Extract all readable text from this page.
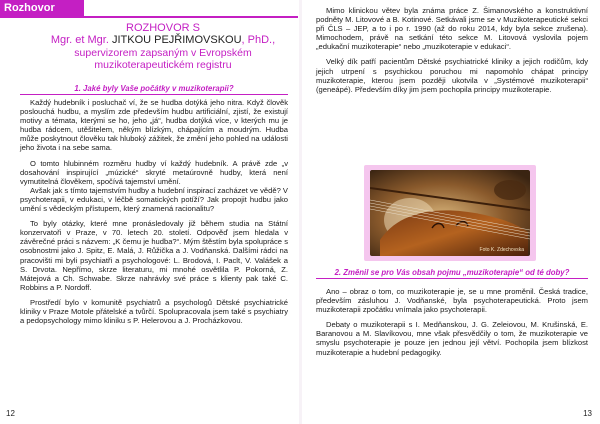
Rozhovor
ROZHOVOR S
Mgr. et Mgr. JITKOU PEJŘIMOVSKOU, PhD.,
supervizorem zapsaným v Evropském
muzikoterapeutickém registru
1. Jaké byly Vaše počátky v muzikoterapii?

Každý hudebník i posluchač ví, že se hudba dotýká jeho nitra. Když člověk poslouchá hudbu, a myslím zde především hudbu artificiální, zjistí, že existují motivy a témata, kterými se ho, jeho „já“, hudba dotýká více, v kterých mu je hudba rádcem, utěšitelem, někým blízkým, chápajícím a moudrým. Hudba může poskytnout člověku tak hluboký zážitek, že změní jeho pohled na události jeho života i na sebe sama.

O tomto hlubinném rozměru hudby ví každý hudebník. A právě zde „v dosahování inspirující „múzické“ skryté metaúrovně hudby, která není vymutitelná člověkem, spočívá tajemství umění.

Avšak jak s tímto tajemstvím hudby a hudební inspirací zacházet ve vědě? V psychoterapii, v edukaci, v léčbě somatických potíží? Jak propojit hudbu jako umění s vědeckým přístupem, který znamená racionalitu?

To byly otázky, které mne pronásledovaly již během studia na Státní konzervatoři v Praze, v 70. letech 20. století. Odpověď jsem hledala v závěrečné práci s názvem: „K čemu je hudba?“. Mým štěstím byla spolupráce s osobnostmi jako J. Spitz, E. Malá, J. Růžička a J. Vodňanská. Dalšími rádci na pracovišti mi byli psychiatři a psychologové: L. Brodová, I. Paclt, V. Valášek a S. Drvota. Nepřímo, skrze literaturu, mi mnohé osvětlila P. Pokorná, Z. Mátejová a Ch. Schwabe. Skrze nahrávky své práce s klienty pak také C. Robbins a P. Nordoff.

Prostředí bylo v komunitě psychiatrů a psychologů Dětské psychiatrické kliniky v Praze Motole přátelské a tvůrčí. Spolupracovala jsem také s psychiatry a pedopsychology mimo kliniku s P. Helerovou a J. Procházkovou.

12

Mimo klinickou větev byla známa práce Z. Šimanovského a konstruktivní podněty M. Litovové a B. Kotinové. Setkávali jsme se v Muzikoterapeutické sekci při ČLS – JEP, a to i po r. 1990 (až do roku 2014, kdy byla sekce zrušena). Mimochodem, právě na setkání této sekce M. Litovová vyslovila pojem „edukační muzikoterapie“ nebo „muzikoterapie v edukaci“.

Velký dík patří pacientům Dětské psychiatrické kliniky a jejich rodičům, kdy jejich utrpení s psychickou poruchou mi napomohlo chápat principy muzikoterapie, kterou jsem později ukotvila v „Systémové muzikoterapii“ (geneápé). Především díky jim jsem pochopila principy muzikoterapie.

Foto K. Zdechovska
2. Změnil se pro Vás obsah pojmu „muzikoterapie“ od té doby?

Ano – obraz o tom, co muzikoterapie je, se u mne proměnil. Česká tradice, především zásluhou J. Vodňanské, byla psychoterapeutická. Proto jsem muzikoterapii zpočátku vnímala jako psychoterapii.

Debaty o muzikoterapii s I. Medňanskou, J. G. Zeleiovou, M. Krušinská, E. Baranovou a M. Slavíkovou, mne však přesvědčily o tom, že muzikoterapie ve smyslu psychoterapie je pouze jen jednou její větví. Pochopila jsem blízkost muzikoterapie a hudební pedagogiky.

13
